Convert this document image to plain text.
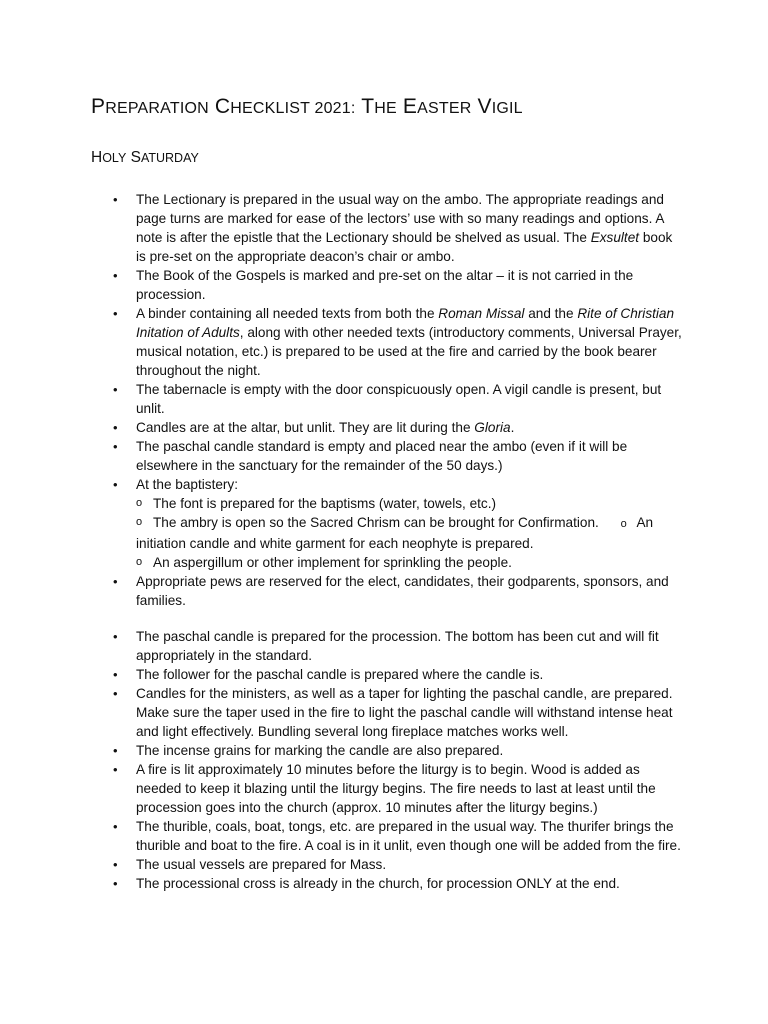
PREPARATION CHECKLIST 2021: THE EASTER VIGIL
HOLY SATURDAY
• The Lectionary is prepared in the usual way on the ambo. The appropriate readings and page turns are marked for ease of the lectors’ use with so many readings and options. A note is after the epistle that the Lectionary should be shelved as usual. The Exsultet book is pre-set on the appropriate deacon’s chair or ambo.
• The Book of the Gospels is marked and pre-set on the altar – it is not carried in the procession.
• A binder containing all needed texts from both the Roman Missal and the Rite of Christian Initation of Adults, along with other needed texts (introductory comments, Universal Prayer, musical notation, etc.) is prepared to be used at the fire and carried by the book bearer throughout the night.
• The tabernacle is empty with the door conspicuously open. A vigil candle is present, but unlit.
• Candles are at the altar, but unlit. They are lit during the Gloria.
• The paschal candle standard is empty and placed near the ambo (even if it will be elsewhere in the sanctuary for the remainder of the 50 days.)
• At the baptistery:
o The font is prepared for the baptisms (water, towels, etc.)
o The ambry is open so the Sacred Chrism can be brought for Confirmation. o An
initiation candle and white garment for each neophyte is prepared.
o An aspergillum or other implement for sprinkling the people.
• Appropriate pews are reserved for the elect, candidates, their godparents, sponsors, and families.
• The paschal candle is prepared for the procession. The bottom has been cut and will fit appropriately in the standard.
• The follower for the paschal candle is prepared where the candle is.
• Candles for the ministers, as well as a taper for lighting the paschal candle, are prepared. Make sure the taper used in the fire to light the paschal candle will withstand intense heat and light effectively. Bundling several long fireplace matches works well.
• The incense grains for marking the candle are also prepared.
• A fire is lit approximately 10 minutes before the liturgy is to begin. Wood is added as needed to keep it blazing until the liturgy begins. The fire needs to last at least until the procession goes into the church (approx. 10 minutes after the liturgy begins.)
• The thurible, coals, boat, tongs, etc. are prepared in the usual way. The thurifer brings the thurible and boat to the fire. A coal is in it unlit, even though one will be added from the fire.
• The usual vessels are prepared for Mass.
• The processional cross is already in the church, for procession ONLY at the end.
